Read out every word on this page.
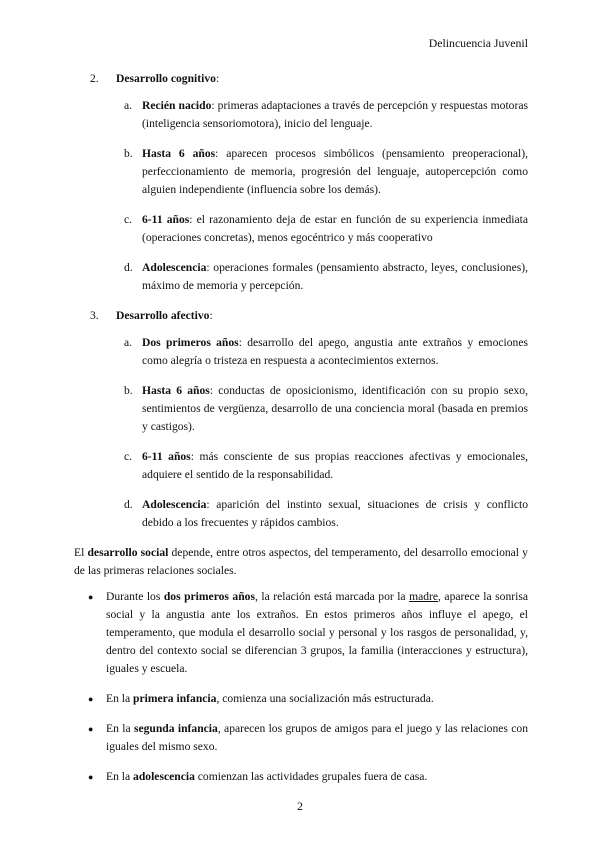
Delincuencia Juvenil
2.	Desarrollo cognitivo:
a. Recién nacido: primeras adaptaciones a través de percepción y respuestas motoras (inteligencia sensoriomotora), inicio del lenguaje.
b. Hasta 6 años: aparecen procesos simbólicos (pensamiento preoperacional), perfeccionamiento de memoria, progresión del lenguaje, autopercepción como alguien independiente (influencia sobre los demás).
c. 6-11 años: el razonamiento deja de estar en función de su experiencia inmediata (operaciones concretas), menos egocéntrico y más cooperativo
d. Adolescencia: operaciones formales (pensamiento abstracto, leyes, conclusiones), máximo de memoria y percepción.
3.	Desarrollo afectivo:
a. Dos primeros años: desarrollo del apego, angustia ante extraños y emociones como alegría o tristeza en respuesta a acontecimientos externos.
b. Hasta 6 años: conductas de oposicionismo, identificación con su propio sexo, sentimientos de vergüenza, desarrollo de una conciencia moral (basada en premios y castigos).
c. 6-11 años: más consciente de sus propias reacciones afectivas y emocionales, adquiere el sentido de la responsabilidad.
d. Adolescencia: aparición del instinto sexual, situaciones de crisis y conflicto debido a los frecuentes y rápidos cambios.
El desarrollo social depende, entre otros aspectos, del temperamento, del desarrollo emocional y de las primeras relaciones sociales.
●	Durante los dos primeros años, la relación está marcada por la madre, aparece la sonrisa social y la angustia ante los extraños. En estos primeros años influye el apego, el temperamento, que modula el desarrollo social y personal y los rasgos de personalidad, y, dentro del contexto social se diferencian 3 grupos, la familia (interacciones y estructura), iguales y escuela.
●	En la primera infancia, comienza una socialización más estructurada.
●	En la segunda infancia, aparecen los grupos de amigos para el juego y las relaciones con iguales del mismo sexo.
●	En la adolescencia comienzan las actividades grupales fuera de casa.
2
